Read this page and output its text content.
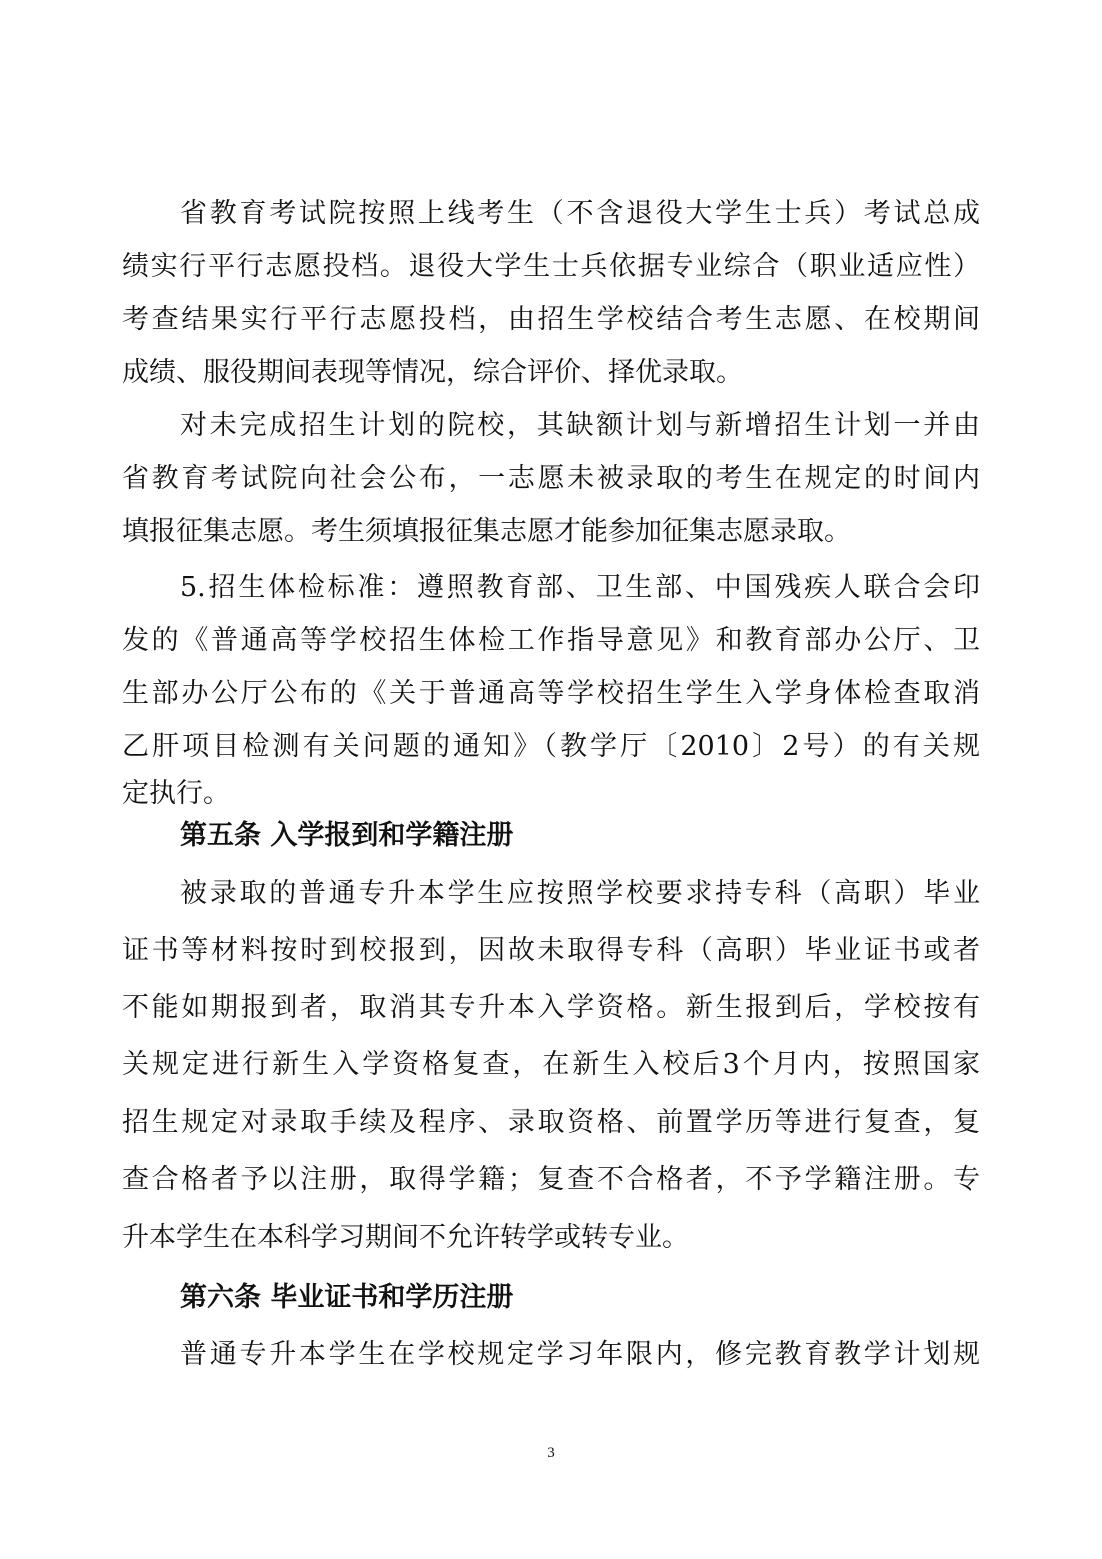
省教育考试院按照上线考生（不含退役大学生士兵）考试总成
绩实行平行志愿投档。退役大学生士兵依据专业综合（职业适应性）
考查结果实行平行志愿投档，由招生学校结合考生志愿、在校期间
成绩、服役期间表现等情况，综合评价、择优录取。
对未完成招生计划的院校，其缺额计划与新增招生计划一并由
省教育考试院向社会公布，一志愿未被录取的考生在规定的时间内
填报征集志愿。考生须填报征集志愿才能参加征集志愿录取。
5.招生体检标准：遵照教育部、卫生部、中国残疾人联合会印
发的《普通高等学校招生体检工作指导意见》和教育部办公厅、卫
生部办公厅公布的《关于普通高等学校招生学生入学身体检查取消
乙肝项目检测有关问题的通知》（教学厅〔2010〕2号）的有关规
定执行。
第五条 入学报到和学籍注册
被录取的普通专升本学生应按照学校要求持专科（高职）毕业
证书等材料按时到校报到，因故未取得专科（高职）毕业证书或者
不能如期报到者，取消其专升本入学资格。新生报到后，学校按有
关规定进行新生入学资格复查，在新生入校后3个月内，按照国家
招生规定对录取手续及程序、录取资格、前置学历等进行复查，复
查合格者予以注册，取得学籍；复查不合格者，不予学籍注册。专
升本学生在本科学习期间不允许转学或转专业。
第六条 毕业证书和学历注册
普通专升本学生在学校规定学习年限内，修完教育教学计划规
3
